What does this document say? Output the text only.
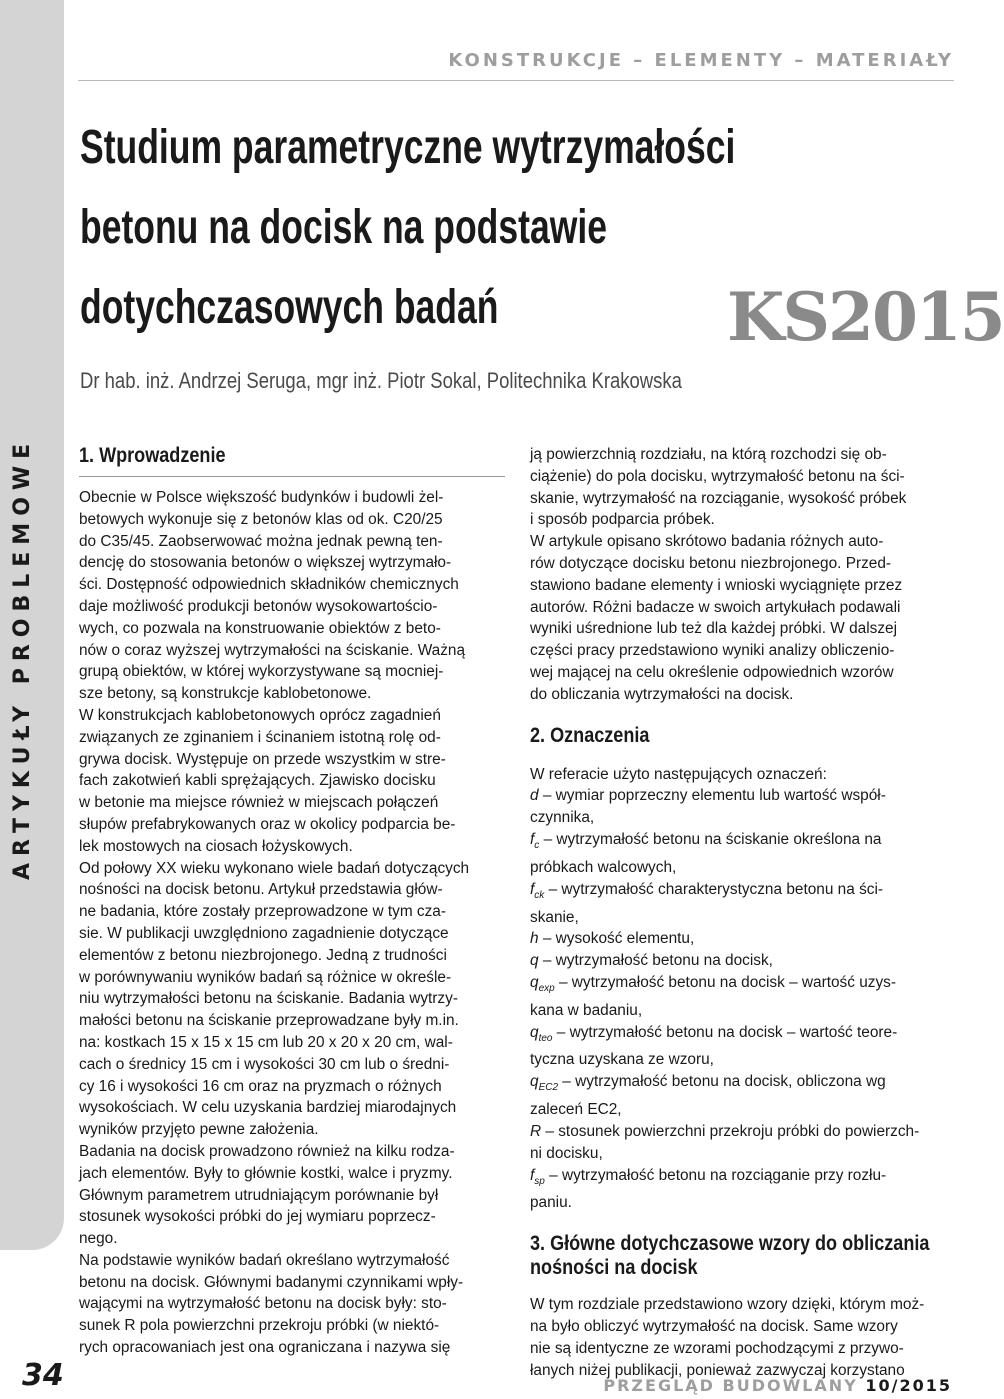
ARTYKUŁY PROBLEMOWE
34
KONSTRUKCJE – ELEMENTY – MATERIAŁY
Studium parametryczne wytrzymałości
betonu na docisk na podstawie
dotychczasowych badań	KS2015
Dr hab. inż. Andrzej Seruga, mgr inż. Piotr Sokal, Politechnika Krakowska
1. Wprowadzenie
Obecnie w Polsce większość budynków i budowli żel-
betowych wykonuje się z betonów klas od ok. C20/25
do C35/45. Zaobserwować można jednak pewną ten-
dencję do stosowania betonów o większej wytrzymało-
ści. Dostępność odpowiednich składników chemicznych
daje możliwość produkcji betonów wysokowartościo-
wych, co pozwala na konstruowanie obiektów z beto-
nów o coraz wyższej wytrzymałości na ściskanie. Ważną
grupą obiektów, w której wykorzystywane są mocniej-
sze betony, są konstrukcje kablobetonowe.
W konstrukcjach kablobetonowych oprócz zagadnień
związanych ze zginaniem i ścinaniem istotną rolę od-
grywa docisk. Występuje on przede wszystkim w stre-
fach zakotwień kabli sprężających. Zjawisko docisku
w betonie ma miejsce również w miejscach połączeń
słupów prefabrykowanych oraz w okolicy podparcia be-
lek mostowych na ciosach łożyskowych.
Od połowy XX wieku wykonano wiele badań dotyczących
nośności na docisk betonu. Artykuł przedstawia głów-
ne badania, które zostały przeprowadzone w tym cza-
sie. W publikacji uwzględniono zagadnienie dotyczące
elementów z betonu niezbrojonego. Jedną z trudności
w porównywaniu wyników badań są różnice w określe-
niu wytrzymałości betonu na ściskanie. Badania wytrzy-
małości betonu na ściskanie przeprowadzane były m.in.
na: kostkach 15 x 15 x 15 cm lub 20 x 20 x 20 cm, wal-
cach o średnicy 15 cm i wysokości 30 cm lub o średni-
cy 16 i wysokości 16 cm oraz na pryzmach o różnych
wysokościach. W celu uzyskania bardziej miarodajnych
wyników przyjęto pewne założenia.
Badania na docisk prowadzono również na kilku rodza-
jach elementów. Były to głównie kostki, walce i pryzmy.
Głównym parametrem utrudniającym porównanie był
stosunek wysokości próbki do jej wymiaru poprzecz-
nego.
Na podstawie wyników badań określano wytrzymałość
betonu na docisk. Głównymi badanymi czynnikami wpły-
wającymi na wytrzymałość betonu na docisk były: sto-
sunek R pola powierzchni przekroju próbki (w niektó-
rych opracowaniach jest ona ograniczana i nazywa się
ją powierzchnią rozdziału, na którą rozchodzi się ob-
ciążenie) do pola docisku, wytrzymałość betonu na ści-
skanie, wytrzymałość na rozciąganie, wysokość próbek
i sposób podparcia próbek.
W artykule opisano skrótowo badania różnych auto-
rów dotyczące docisku betonu niezbrojonego. Przed-
stawiono badane elementy i wnioski wyciągnięte przez
autorów. Różni badacze w swoich artykułach podawali
wyniki uśrednione lub też dla każdej próbki. W dalszej
części pracy przedstawiono wyniki analizy obliczenio-
wej mającej na celu określenie odpowiednich wzorów
do obliczania wytrzymałości na docisk.
2. Oznaczenia
W referacie użyto następujących oznaczeń:
d – wymiar poprzeczny elementu lub wartość współ-
czynnika,
$f_c$ – wytrzymałość betonu na ściskanie określona na
próbkach walcowych,
$f_{ck}$ – wytrzymałość charakterystyczna betonu na ści-
skanie,
h – wysokość elementu,
q – wytrzymałość betonu na docisk,
$q_{exp}$ – wytrzymałość betonu na docisk – wartość uzys-
kana w badaniu,
$q_{teo}$ – wytrzymałość betonu na docisk – wartość teore-
tyczna uzyskana ze wzoru,
$q_{EC2}$ – wytrzymałość betonu na docisk, obliczona wg
zaleceń EC2,
R – stosunek powierzchni przekroju próbki do powierzch-
ni docisku,
$f_{sp}$ – wytrzymałość betonu na rozciąganie przy rozłu-
paniu.
3. Główne dotychczasowe wzory do obliczania
nośności na docisk
W tym rozdziale przedstawiono wzory dzięki, którym moż-
na było obliczyć wytrzymałość na docisk. Same wzory
nie są identyczne ze wzorami pochodzącymi z przywo-
łanych niżej publikacji, ponieważ zazwyczaj korzystano
PRZEGLĄD BUDOWLANY 10/2015
